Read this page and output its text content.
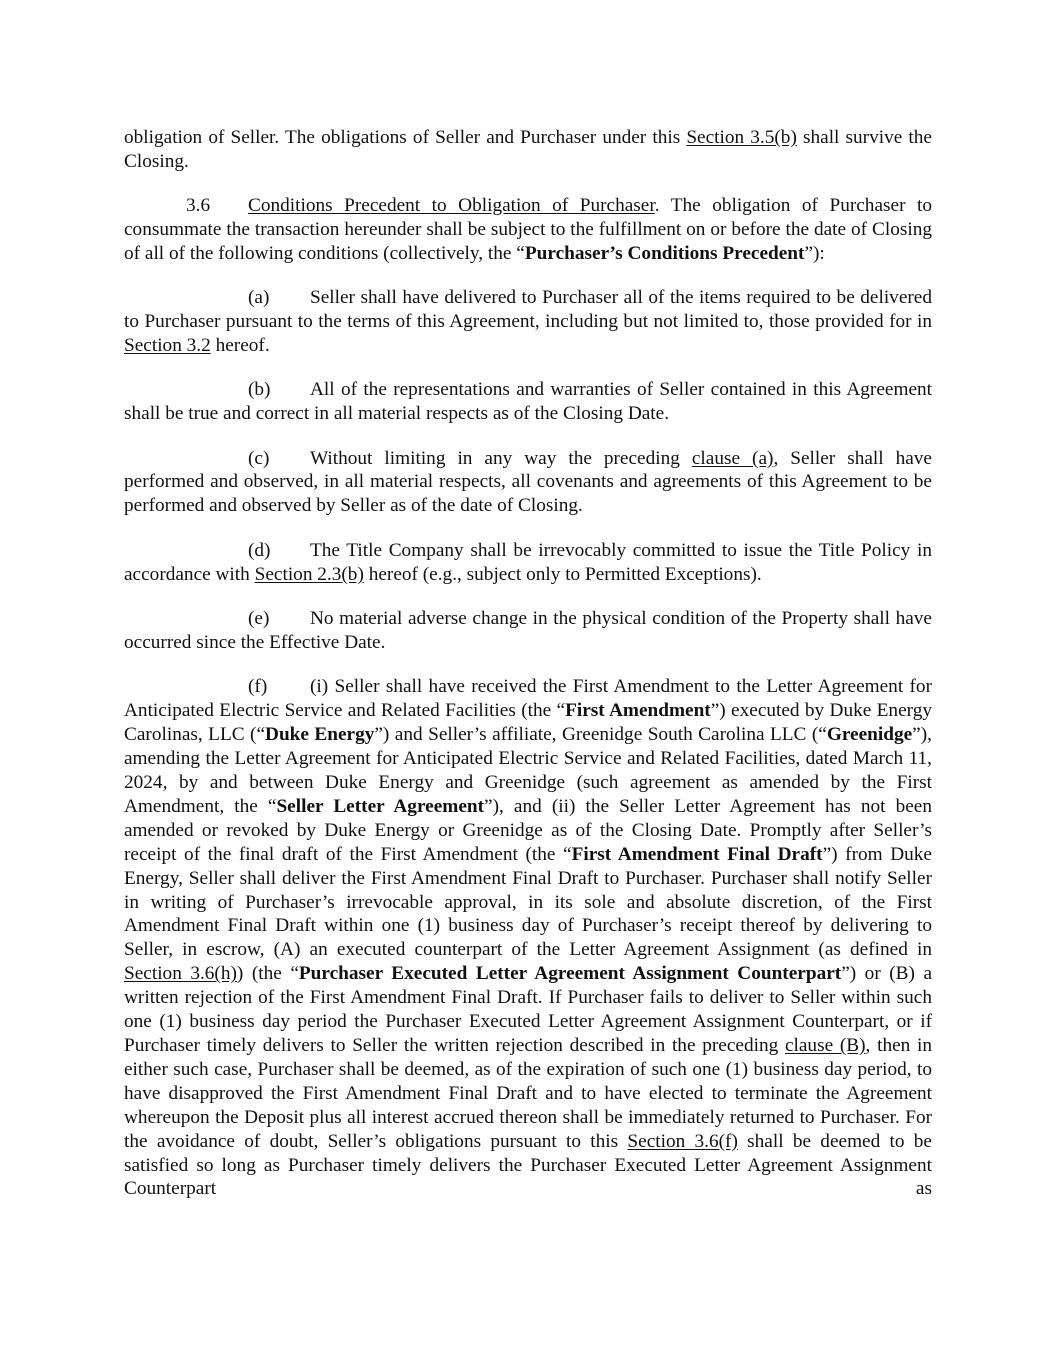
obligation of Seller. The obligations of Seller and Purchaser under this Section 3.5(b) shall survive the Closing.

3.6 Conditions Precedent to Obligation of Purchaser. The obligation of Purchaser to consummate the transaction hereunder shall be subject to the fulfillment on or before the date of Closing of all of the following conditions (collectively, the “Purchaser’s Conditions Precedent”):

(a) Seller shall have delivered to Purchaser all of the items required to be delivered to Purchaser pursuant to the terms of this Agreement, including but not limited to, those provided for in Section 3.2 hereof.

(b) All of the representations and warranties of Seller contained in this Agreement shall be true and correct in all material respects as of the Closing Date.

(c) Without limiting in any way the preceding clause (a), Seller shall have performed and observed, in all material respects, all covenants and agreements of this Agreement to be performed and observed by Seller as of the date of Closing.

(d) The Title Company shall be irrevocably committed to issue the Title Policy in accordance with Section 2.3(b) hereof (e.g., subject only to Permitted Exceptions).

(e) No material adverse change in the physical condition of the Property shall have occurred since the Effective Date.

(f) (i) Seller shall have received the First Amendment to the Letter Agreement for Anticipated Electric Service and Related Facilities (the “First Amendment”) executed by Duke Energy Carolinas, LLC (“Duke Energy”) and Seller’s affiliate, Greenidge South Carolina LLC (“Greenidge”), amending the Letter Agreement for Anticipated Electric Service and Related Facilities, dated March 11, 2024, by and between Duke Energy and Greenidge (such agreement as amended by the First Amendment, the “Seller Letter Agreement”), and (ii) the Seller Letter Agreement has not been amended or revoked by Duke Energy or Greenidge as of the Closing Date. Promptly after Seller’s receipt of the final draft of the First Amendment (the “First Amendment Final Draft”) from Duke Energy, Seller shall deliver the First Amendment Final Draft to Purchaser. Purchaser shall notify Seller in writing of Purchaser’s irrevocable approval, in its sole and absolute discretion, of the First Amendment Final Draft within one (1) business day of Purchaser’s receipt thereof by delivering to Seller, in escrow, (A) an executed counterpart of the Letter Agreement Assignment (as defined in Section 3.6(h)) (the “Purchaser Executed Letter Agreement Assignment Counterpart”) or (B) a written rejection of the First Amendment Final Draft. If Purchaser fails to deliver to Seller within such one (1) business day period the Purchaser Executed Letter Agreement Assignment Counterpart, or if Purchaser timely delivers to Seller the written rejection described in the preceding clause (B), then in either such case, Purchaser shall be deemed, as of the expiration of such one (1) business day period, to have disapproved the First Amendment Final Draft and to have elected to terminate the Agreement whereupon the Deposit plus all interest accrued thereon shall be immediately returned to Purchaser. For the avoidance of doubt, Seller’s obligations pursuant to this Section 3.6(f) shall be deemed to be satisfied so long as Purchaser timely delivers the Purchaser Executed Letter Agreement Assignment Counterpart as
